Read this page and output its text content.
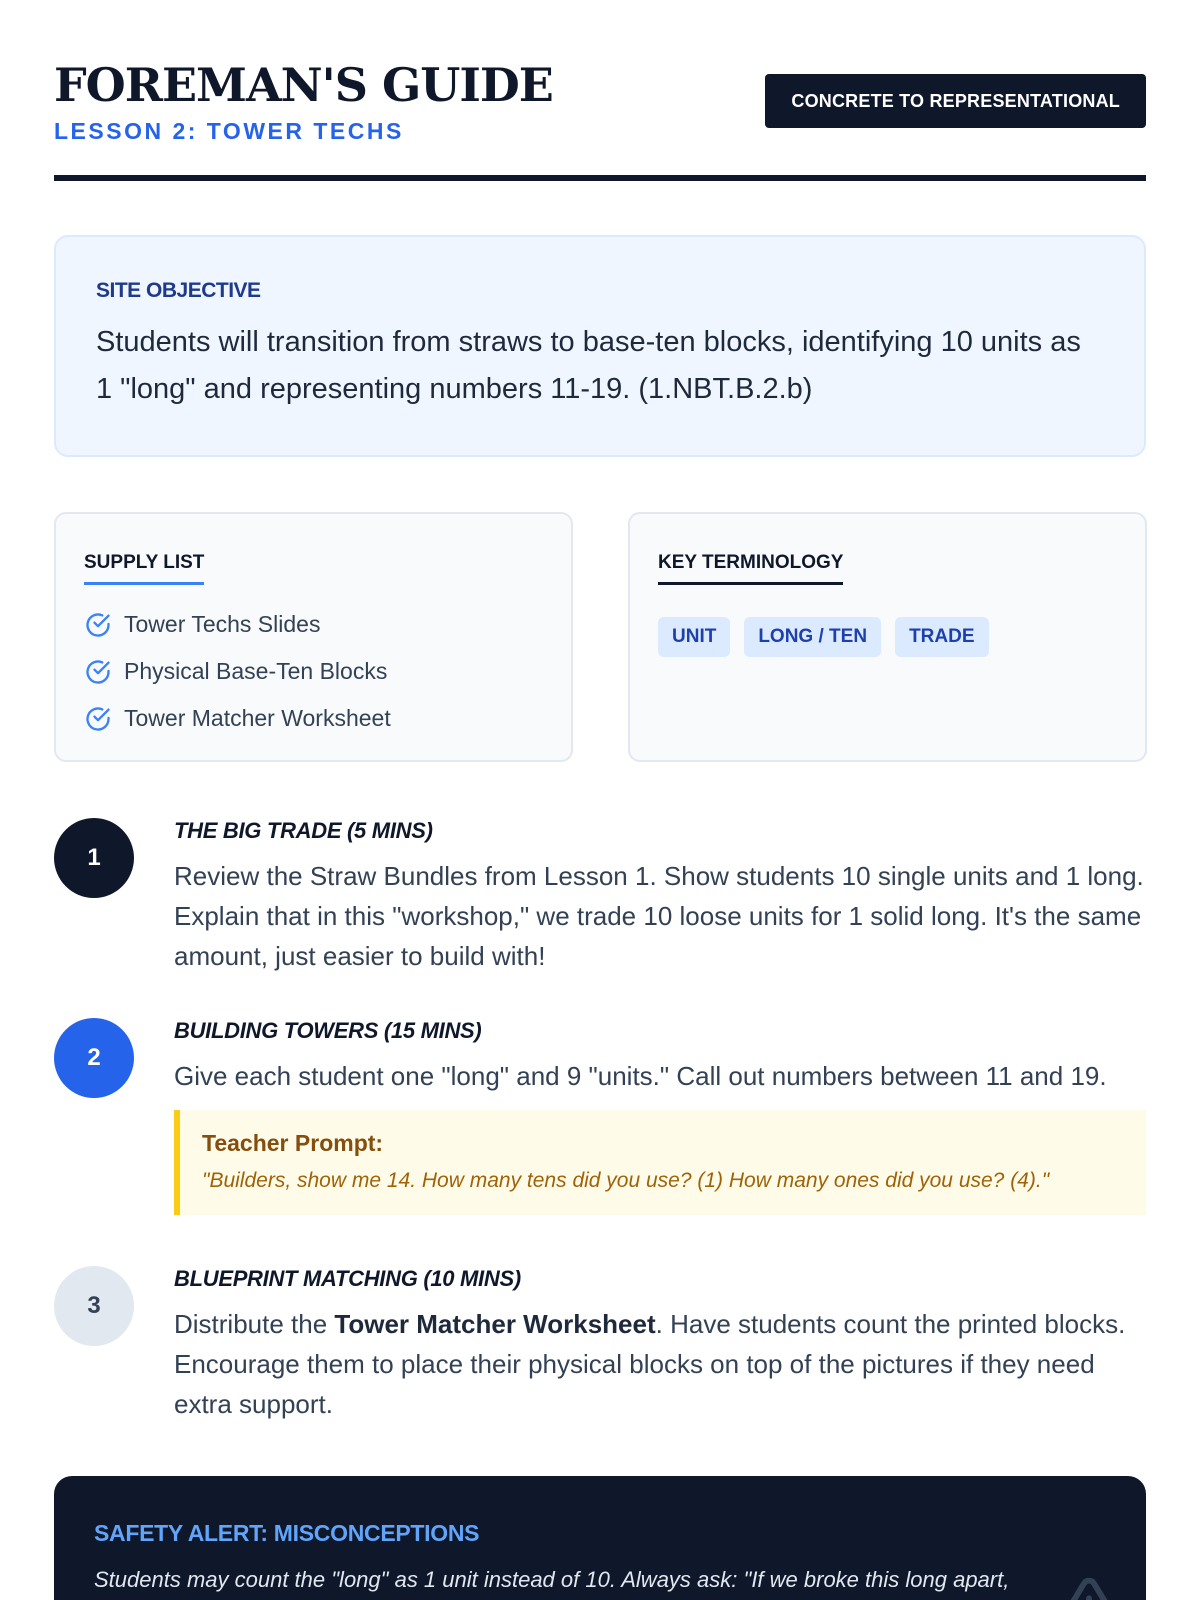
FOREMAN'S GUIDE
LESSON 2: TOWER TECHS
CONCRETE TO REPRESENTATIONAL
SITE OBJECTIVE
Students will transition from straws to base-ten blocks, identifying 10 units as 1 "long" and representing numbers 11-19. (1.NBT.B.2.b)
SUPPLY LIST
Tower Techs Slides
Physical Base-Ten Blocks
Tower Matcher Worksheet
KEY TERMINOLOGY
UNIT	LONG / TEN	TRADE
1
THE BIG TRADE (5 MINS)
Review the Straw Bundles from Lesson 1. Show students 10 single units and 1 long. Explain that in this "workshop," we trade 10 loose units for 1 solid long. It's the same amount, just easier to build with!
2
BUILDING TOWERS (15 MINS)
Give each student one "long" and 9 "units." Call out numbers between 11 and 19.
Teacher Prompt:
"Builders, show me 14. How many tens did you use? (1) How many ones did you use? (4)."
3
BLUEPRINT MATCHING (10 MINS)
Distribute the Tower Matcher Worksheet. Have students count the printed blocks. Encourage them to place their physical blocks on top of the pictures if they need extra support.
SAFETY ALERT: MISCONCEPTIONS
Students may count the "long" as 1 unit instead of 10. Always ask: "If we broke this long apart,
